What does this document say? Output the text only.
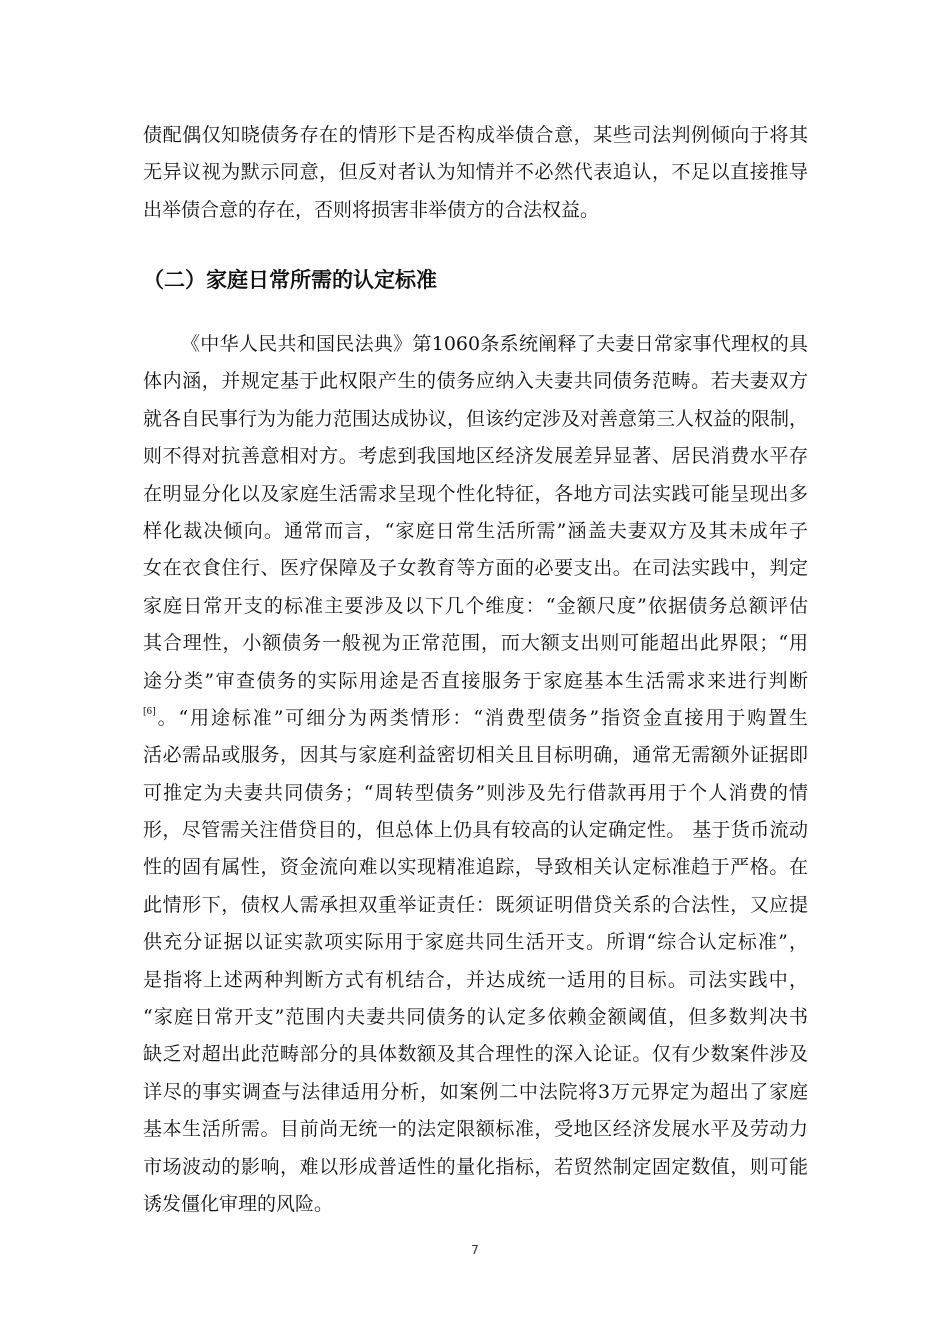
债配偶仅知晓债务存在的情形下是否构成举债合意，某些司法判例倾向于将其
无异议视为默示同意，但反对者认为知情并不必然代表追认，不足以直接推导
出举债合意的存在，否则将损害非举债方的合法权益。
（二）家庭日常所需的认定标准
《中华人民共和国民法典》第1060条系统阐释了夫妻日常家事代理权的具
体内涵，并规定基于此权限产生的债务应纳入夫妻共同债务范畴。若夫妻双方
就各自民事行为为能力范围达成协议，但该约定涉及对善意第三人权益的限制，
则不得对抗善意相对方。考虑到我国地区经济发展差异显著、居民消费水平存
在明显分化以及家庭生活需求呈现个性化特征，各地方司法实践可能呈现出多
样化裁决倾向。通常而言，“家庭日常生活所需”涵盖夫妻双方及其未成年子
女在衣食住行、医疗保障及子女教育等方面的必要支出。在司法实践中，判定
家庭日常开支的标准主要涉及以下几个维度：“金额尺度”依据债务总额评估
其合理性，小额债务一般视为正常范围，而大额支出则可能超出此界限；“用
途分类”审查债务的实际用途是否直接服务于家庭基本生活需求来进行判断
[6]。“用途标准”可细分为两类情形：“消费型债务”指资金直接用于购置生
活必需品或服务，因其与家庭利益密切相关且目标明确，通常无需额外证据即
可推定为夫妻共同债务；“周转型债务”则涉及先行借款再用于个人消费的情
形，尽管需关注借贷目的，但总体上仍具有较高的认定确定性。 基于货币流动
性的固有属性，资金流向难以实现精准追踪，导致相关认定标准趋于严格。在
此情形下，债权人需承担双重举证责任：既须证明借贷关系的合法性，又应提
供充分证据以证实款项实际用于家庭共同生活开支。所谓“综合认定标准”，
是指将上述两种判断方式有机结合，并达成统一适用的目标。司法实践中，
“家庭日常开支”范围内夫妻共同债务的认定多依赖金额阈值，但多数判决书
缺乏对超出此范畴部分的具体数额及其合理性的深入论证。仅有少数案件涉及
详尽的事实调查与法律适用分析，如案例二中法院将3万元界定为超出了家庭
基本生活所需。目前尚无统一的法定限额标准，受地区经济发展水平及劳动力
市场波动的影响，难以形成普适性的量化指标，若贸然制定固定数值，则可能
诱发僵化审理的风险。
7
